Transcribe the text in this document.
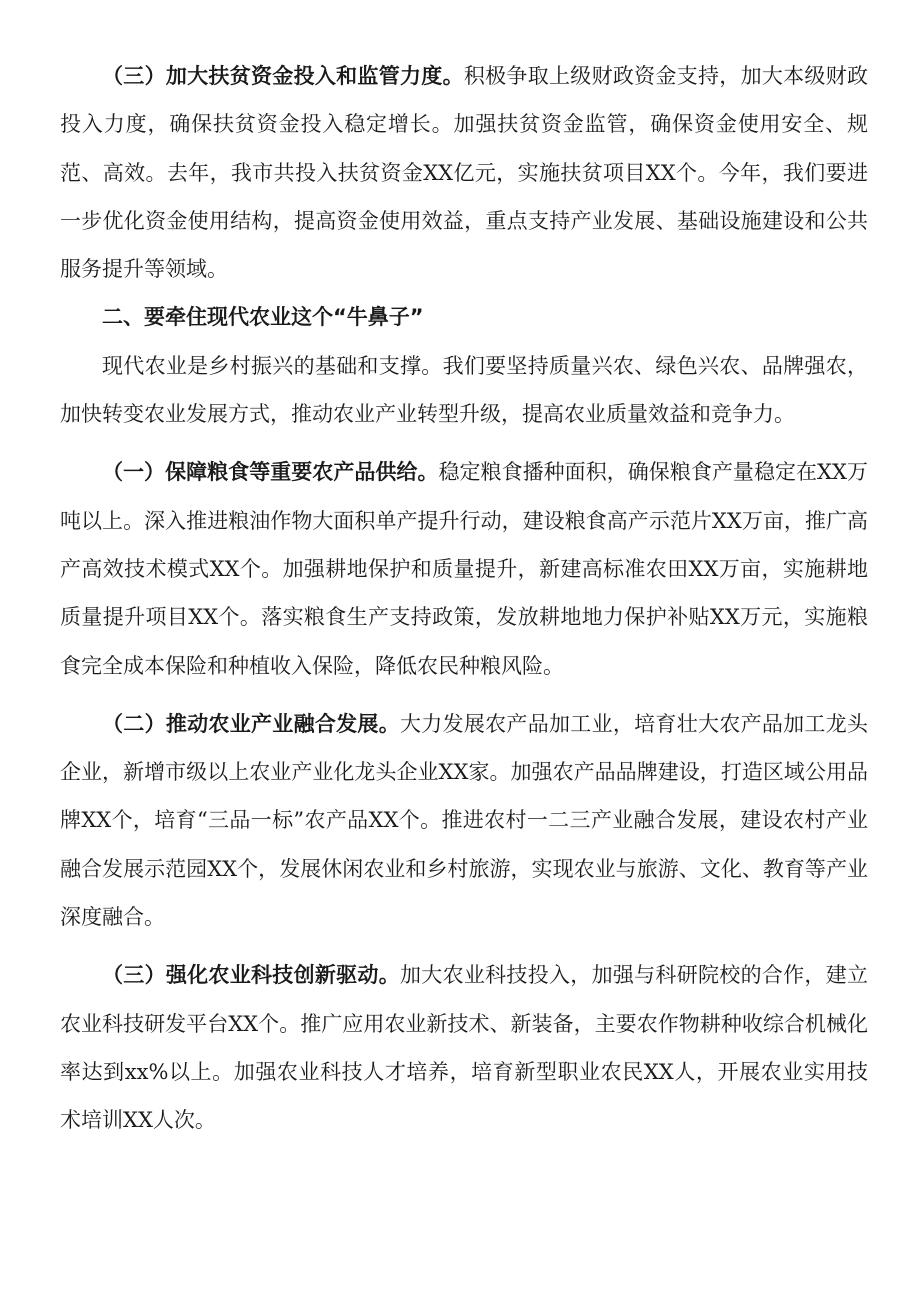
（三）加大扶贫资金投入和监管力度。积极争取上级财政资金支持，加大本级财政投入力度，确保扶贫资金投入稳定增长。加强扶贫资金监管，确保资金使用安全、规范、高效。去年，我市共投入扶贫资金XX亿元，实施扶贫项目XX个。今年，我们要进一步优化资金使用结构，提高资金使用效益，重点支持产业发展、基础设施建设和公共服务提升等领域。

二、要牵住现代农业这个“牛鼻子”

现代农业是乡村振兴的基础和支撑。我们要坚持质量兴农、绿色兴农、品牌强农，加快转变农业发展方式，推动农业产业转型升级，提高农业质量效益和竞争力。

（一）保障粮食等重要农产品供给。稳定粮食播种面积，确保粮食产量稳定在XX万吨以上。深入推进粮油作物大面积单产提升行动，建设粮食高产示范片XX万亩，推广高产高效技术模式XX个。加强耕地保护和质量提升，新建高标准农田XX万亩，实施耕地质量提升项目XX个。落实粮食生产支持政策，发放耕地地力保护补贴XX万元，实施粮食完全成本保险和种植收入保险，降低农民种粮风险。

（二）推动农业产业融合发展。大力发展农产品加工业，培育壮大农产品加工龙头企业，新增市级以上农业产业化龙头企业XX家。加强农产品品牌建设，打造区域公用品牌XX个，培育“三品一标”农产品XX个。推进农村一二三产业融合发展，建设农村产业融合发展示范园XX个，发展休闲农业和乡村旅游，实现农业与旅游、文化、教育等产业深度融合。

（三）强化农业科技创新驱动。加大农业科技投入，加强与科研院校的合作，建立农业科技研发平台XX个。推广应用农业新技术、新装备，主要农作物耕种收综合机械化率达到xx%以上。加强农业科技人才培养，培育新型职业农民XX人，开展农业实用技术培训XX人次。
